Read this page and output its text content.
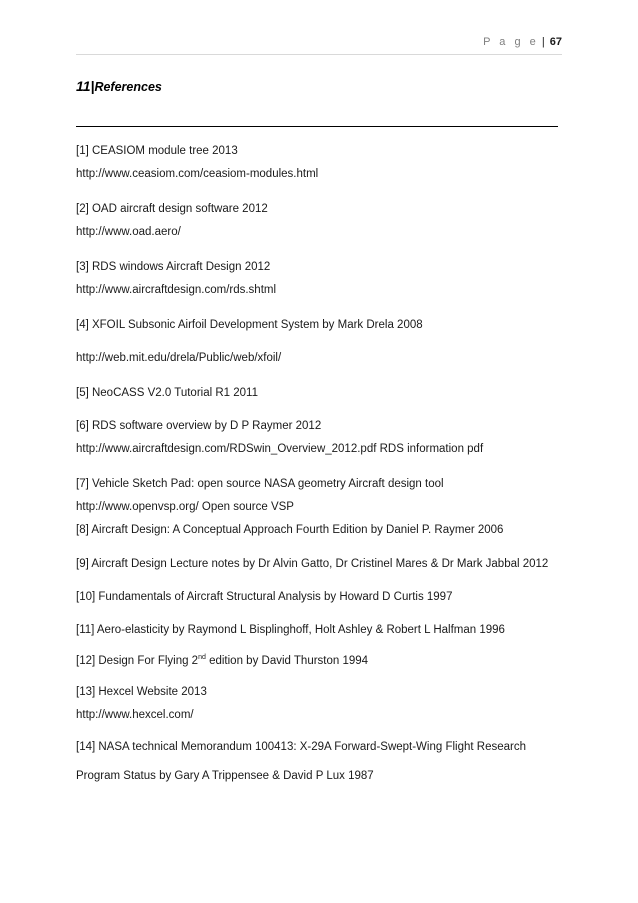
P a g e | 67
11|References
[1] CEASIOM module tree 2013
http://www.ceasiom.com/ceasiom-modules.html
[2] OAD aircraft design software 2012
http://www.oad.aero/
[3] RDS windows Aircraft Design 2012
http://www.aircraftdesign.com/rds.shtml
[4] XFOIL Subsonic Airfoil Development System by Mark Drela 2008
http://web.mit.edu/drela/Public/web/xfoil/
[5] NeoCASS V2.0 Tutorial R1 2011
[6] RDS software overview by D P Raymer 2012
http://www.aircraftdesign.com/RDSwin_Overview_2012.pdf RDS information pdf
[7] Vehicle Sketch Pad: open source NASA geometry Aircraft design tool
http://www.openvsp.org/ Open source VSP
[8] Aircraft Design: A Conceptual Approach Fourth Edition by Daniel P. Raymer 2006
[9] Aircraft Design Lecture notes by Dr Alvin Gatto, Dr Cristinel Mares & Dr Mark Jabbal 2012
[10] Fundamentals of Aircraft Structural Analysis by Howard D Curtis 1997
[11] Aero-elasticity by Raymond L Bisplinghoff, Holt Ashley & Robert L Halfman 1996
[12] Design For Flying 2nd edition by David Thurston 1994
[13] Hexcel Website 2013
http://www.hexcel.com/
[14] NASA technical Memorandum 100413: X-29A Forward-Swept-Wing Flight Research
Program Status by Gary A Trippensee & David P Lux 1987
